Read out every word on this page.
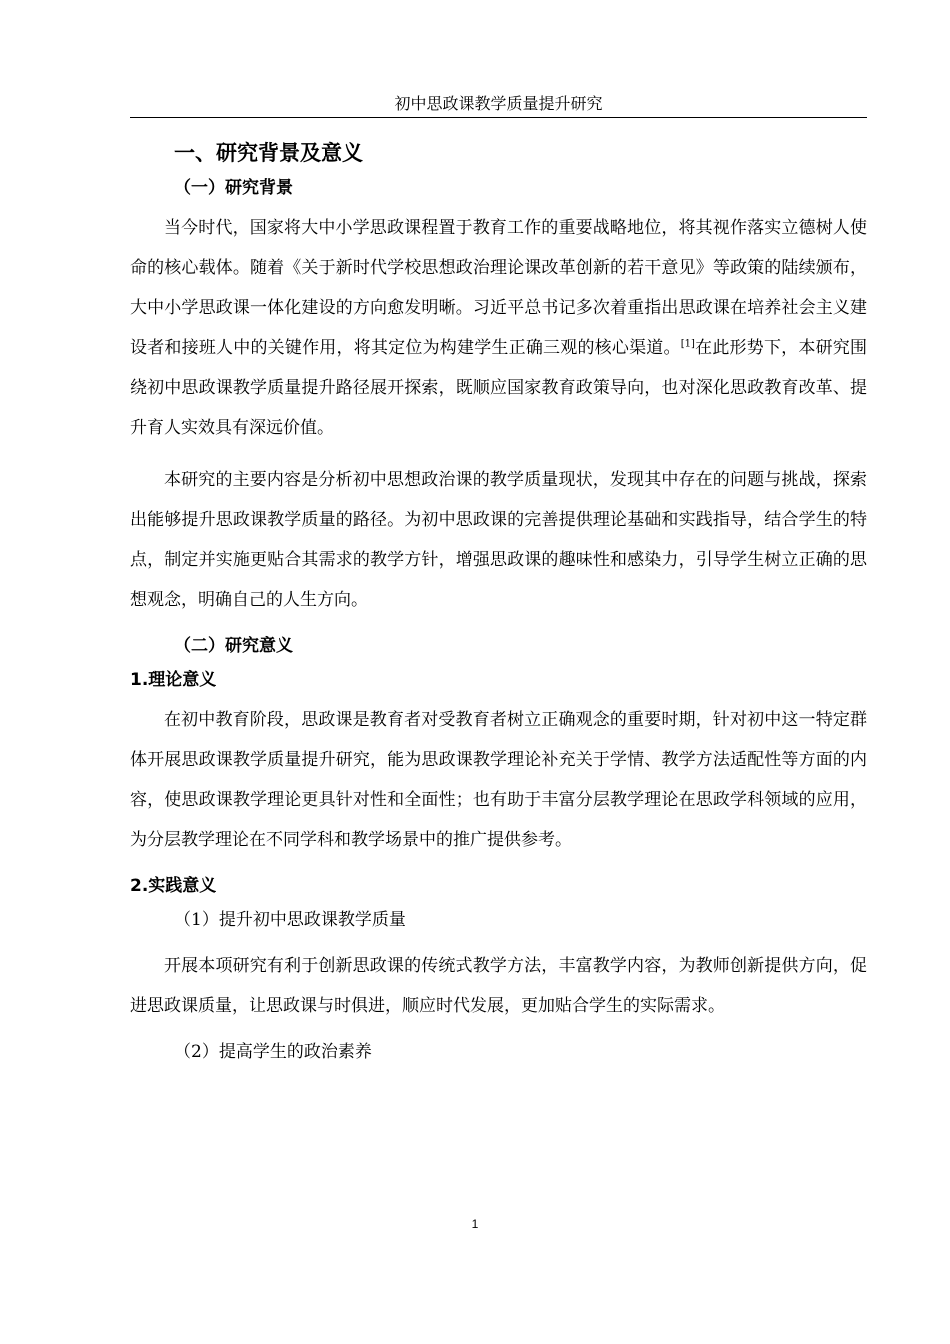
初中思政课教学质量提升研究
一、研究背景及意义
（一）研究背景

当今时代，国家将大中小学思政课程置于教育工作的重要战略地位，将其视作落实立德树人使命的核心载体。随着《关于新时代学校思想政治理论课改革创新的若干意见》等政策的陆续颁布，大中小学思政课一体化建设的方向愈发明晰。习近平总书记多次着重指出思政课在培养社会主义建设者和接班人中的关键作用，将其定位为构建学生正确三观的核心渠道。[1]在此形势下，本研究围绕初中思政课教学质量提升路径展开探索，既顺应国家教育政策导向，也对深化思政教育改革、提升育人实效具有深远价值。

本研究的主要内容是分析初中思想政治课的教学质量现状，发现其中存在的问题与挑战，探索出能够提升思政课教学质量的路径。为初中思政课的完善提供理论基础和实践指导，结合学生的特点，制定并实施更贴合其需求的教学方针，增强思政课的趣味性和感染力，引导学生树立正确的思想观念，明确自己的人生方向。

（二）研究意义
1.理论意义

在初中教育阶段，思政课是教育者对受教育者树立正确观念的重要时期，针对初中这一特定群体开展思政课教学质量提升研究，能为思政课教学理论补充关于学情、教学方法适配性等方面的内容，使思政课教学理论更具针对性和全面性；也有助于丰富分层教学理论在思政学科领域的应用，为分层教学理论在不同学科和教学场景中的推广提供参考。

2.实践意义
（1）提升初中思政课教学质量

开展本项研究有利于创新思政课的传统式教学方法，丰富教学内容，为教师创新提供方向，促进思政课质量，让思政课与时俱进，顺应时代发展，更加贴合学生的实际需求。

（2）提高学生的政治素养
1
